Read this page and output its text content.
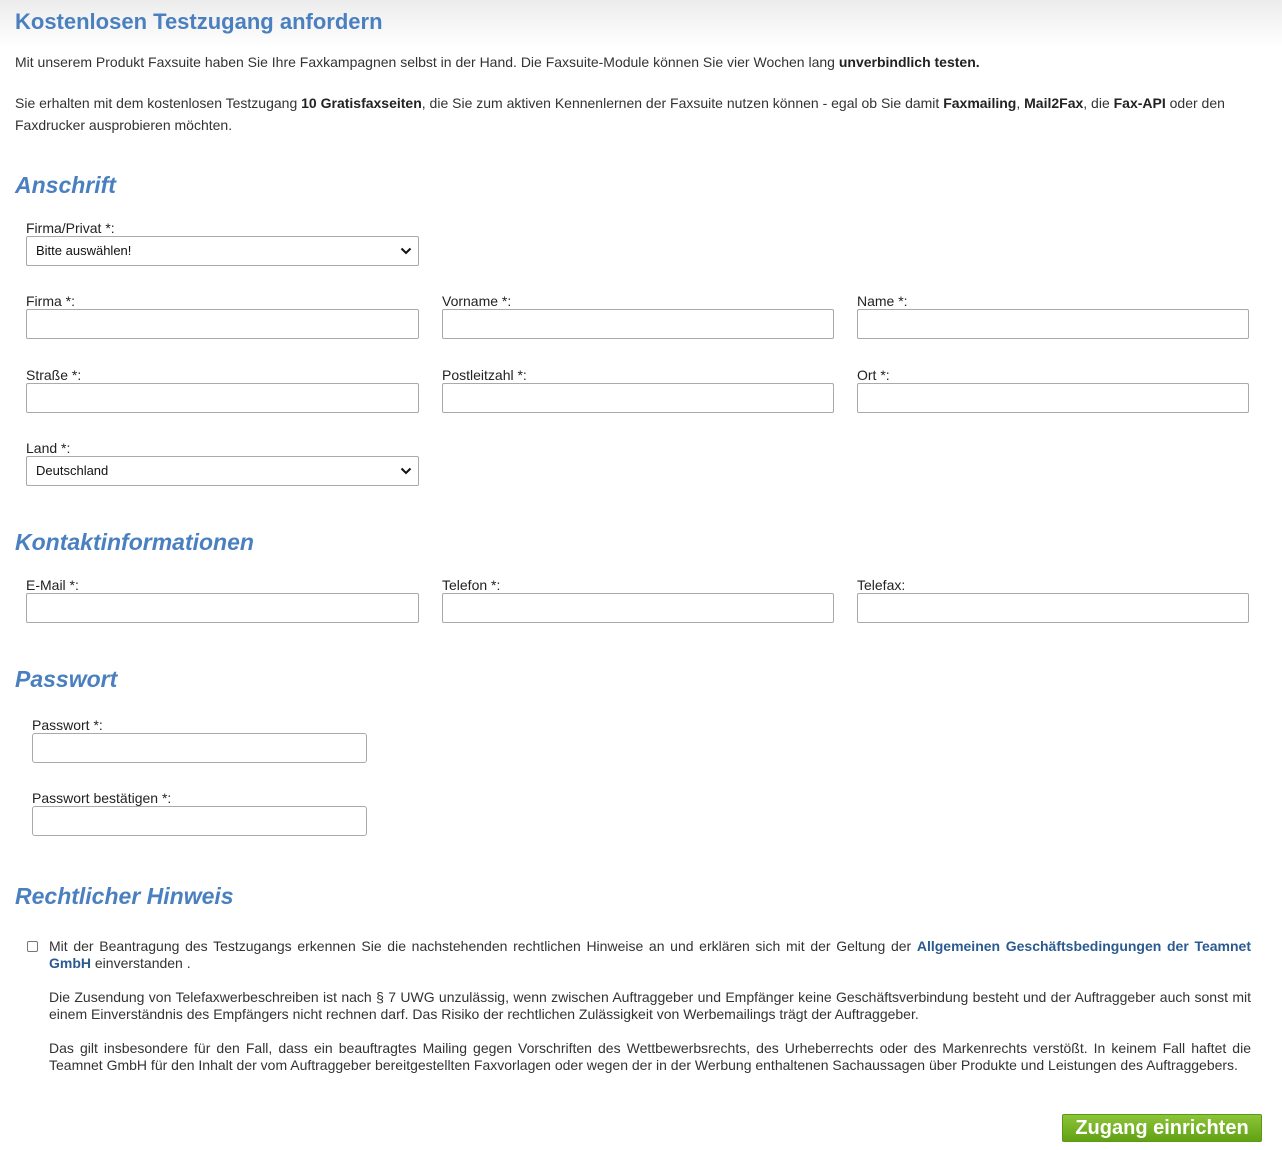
Kostenlosen Testzugang anfordern

Mit unserem Produkt Faxsuite haben Sie Ihre Faxkampagnen selbst in der Hand. Die Faxsuite-Module können Sie vier Wochen lang unverbindlich testen.

Sie erhalten mit dem kostenlosen Testzugang 10 Gratisfaxseiten, die Sie zum aktiven Kennenlernen der Faxsuite nutzen können - egal ob Sie damit Faxmailing, Mail2Fax, die Fax-API oder den Faxdrucker ausprobieren möchten.

Anschrift
Firma/Privat *:
Bitte auswählen!
Firma *:	Vorname *:	Name *:
Straße *:	Postleitzahl *:	Ort *:
Land *:
Deutschland
Kontaktinformationen
E-Mail *:	Telefon *:	Telefax:
Passwort
Passwort *:
Passwort bestätigen *:
Rechtlicher Hinweis

Mit der Beantragung des Testzugangs erkennen Sie die nachstehenden rechtlichen Hinweise an und erklären sich mit der Geltung der Allgemeinen Geschäftsbedingungen der Teamnet GmbH einverstanden .

Die Zusendung von Telefaxwerbeschreiben ist nach § 7 UWG unzulässig, wenn zwischen Auftraggeber und Empfänger keine Geschäftsverbindung besteht und der Auftraggeber auch sonst mit einem Einverständnis des Empfängers nicht rechnen darf. Das Risiko der rechtlichen Zulässigkeit von Werbemailings trägt der Auftraggeber.

Das gilt insbesondere für den Fall, dass ein beauftragtes Mailing gegen Vorschriften des Wettbewerbsrechts, des Urheberrechts oder des Markenrechts verstößt. In keinem Fall haftet die Teamnet GmbH für den Inhalt der vom Auftraggeber bereitgestellten Faxvorlagen oder wegen der in der Werbung enthaltenen Sachaussagen über Produkte und Leistungen des Auftraggebers.

Zugang einrichten
